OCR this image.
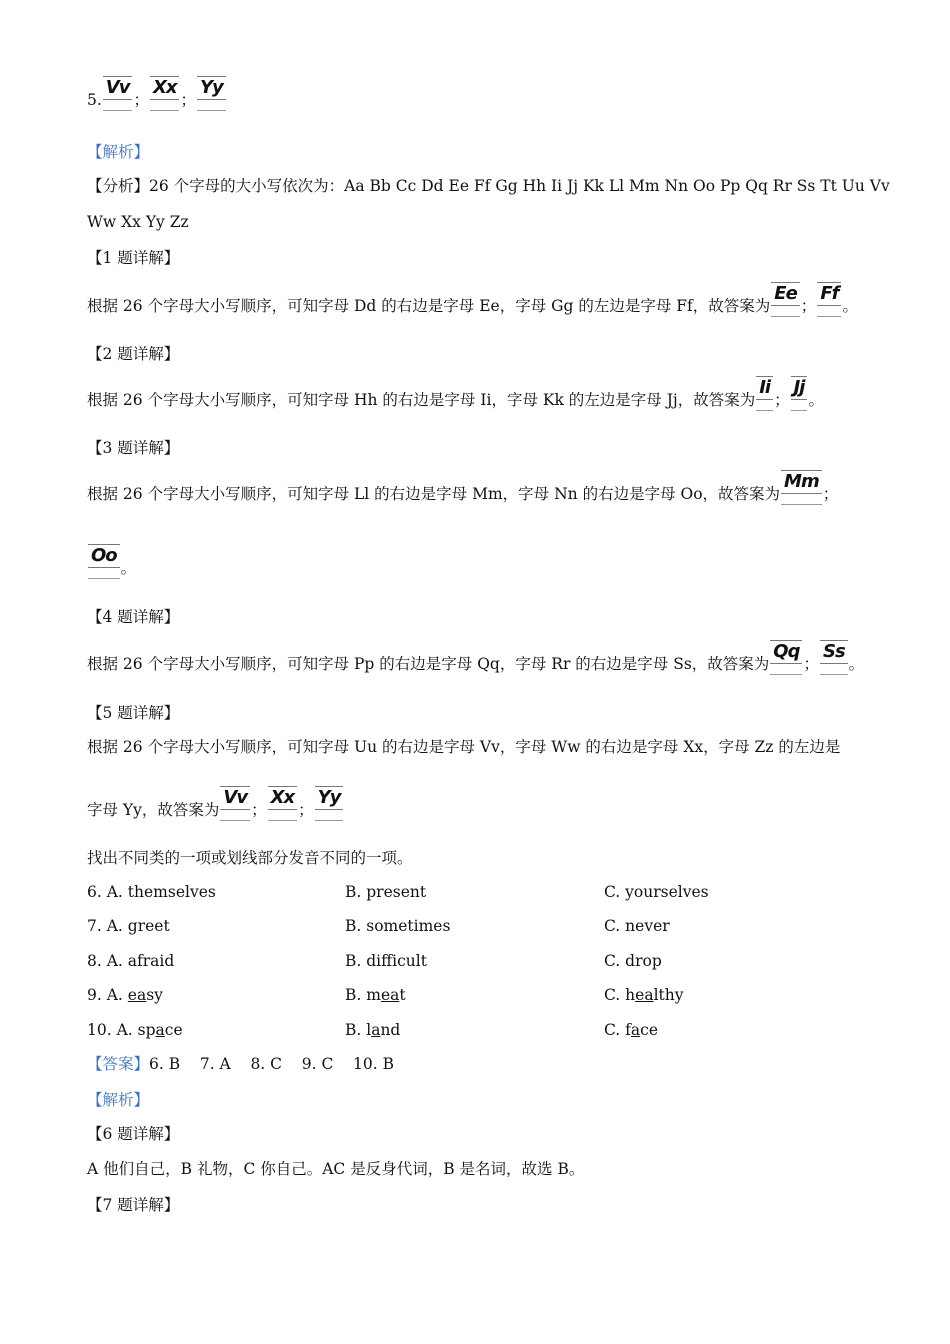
5.
Vv
；
Xx
；
Yy
【解析】
【分析】26 个字母的大小写依次为：Aa Bb Cc Dd Ee Ff Gg Hh Ii Jj Kk Ll Mm Nn Oo Pp Qq Rr Ss Tt Uu Vv
Ww Xx Yy Zz
【1 题详解】
根据 26 个字母大小写顺序，可知字母 Dd 的右边是字母 Ee，字母 Gg 的左边是字母 Ff，故答案为
Ee
；
Ff
。
【2 题详解】
根据 26 个字母大小写顺序，可知字母 Hh 的右边是字母 Ii，字母 Kk 的左边是字母 Jj，故答案为
Ii
；
Jj
。
【3 题详解】
根据 26 个字母大小写顺序，可知字母 Ll 的右边是字母 Mm，字母 Nn 的右边是字母 Oo，故答案为
Mm
；
Oo
。
【4 题详解】
根据 26 个字母大小写顺序，可知字母 Pp 的右边是字母 Qq，字母 Rr 的右边是字母 Ss，故答案为
Qq
；
Ss
。
【5 题详解】
根据 26 个字母大小写顺序，可知字母 Uu 的右边是字母 Vv，字母 Ww 的右边是字母 Xx，字母 Zz 的左边是
字母 Yy，故答案为
Vv
；
Xx
；
Yy
找出不同类的一项或划线部分发音不同的一项。
6. A. themselves	B. present	C. yourselves
7. A. greet	B. sometimes	C. never
8. A. afraid	B. difficult	C. drop
9. A. easy	B. meat	C. healthy
10. A. space	B. land	C. face
【答案】6. B    7. A    8. C    9. C    10. B
【解析】
【6 题详解】
A 他们自己，B 礼物，C 你自己。AC 是反身代词，B 是名词，故选 B。
【7 题详解】
